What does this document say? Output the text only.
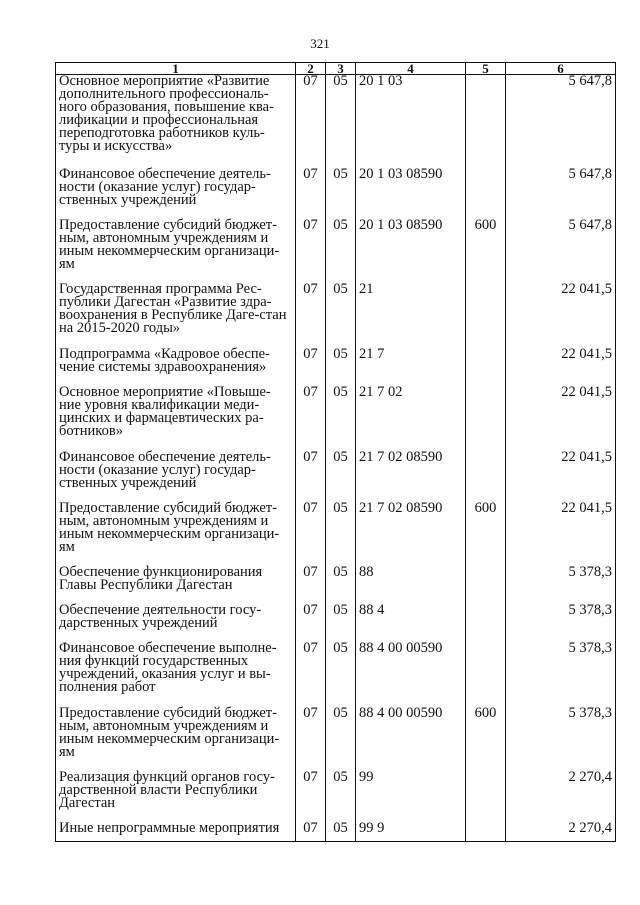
321
1	2	3	4	5	6
Основное мероприятие «Развитие дополнительного профессиональ-ного образования, повышение ква-лификации и профессиональная переподготовка работников куль-туры и искусства»	07	05	20 1 03		5 647,8
Финансовое обеспечение деятель-ности (оказание услуг) государ-ственных учреждений	07	05	20 1 03 08590		5 647,8
Предоставление субсидий бюджет-ным, автономным учреждениям и иным некоммерческим организаци-ям	07	05	20 1 03 08590	600	5 647,8
Государственная программа Рес-публики Дагестан «Развитие здра-воохранения в Республике Даге-стан на 2015-2020 годы»	07	05	21		22 041,5
Подпрограмма «Кадровое обеспе-чение системы здравоохранения»	07	05	21 7		22 041,5
Основное мероприятие «Повыше-ние уровня квалификации меди-цинских и фармацевтических ра-ботников»	07	05	21 7 02		22 041,5
Финансовое обеспечение деятель-ности (оказание услуг) государ-ственных учреждений	07	05	21 7 02 08590		22 041,5
Предоставление субсидий бюджет-ным, автономным учреждениям и иным некоммерческим организаци-ям	07	05	21 7 02 08590	600	22 041,5
Обеспечение функционирования Главы Республики Дагестан	07	05	88		5 378,3
Обеспечение деятельности госу-дарственных учреждений	07	05	88 4		5 378,3
Финансовое обеспечение выполне-ния функций государственных учреждений, оказания услуг и вы-полнения работ	07	05	88 4 00 00590		5 378,3
Предоставление субсидий бюджет-ным, автономным учреждениям и иным некоммерческим организаци-ям	07	05	88 4 00 00590	600	5 378,3
Реализация функций органов госу-дарственной власти Республики Дагестан	07	05	99		2 270,4
Иные непрограммные мероприятия	07	05	99 9		2 270,4
